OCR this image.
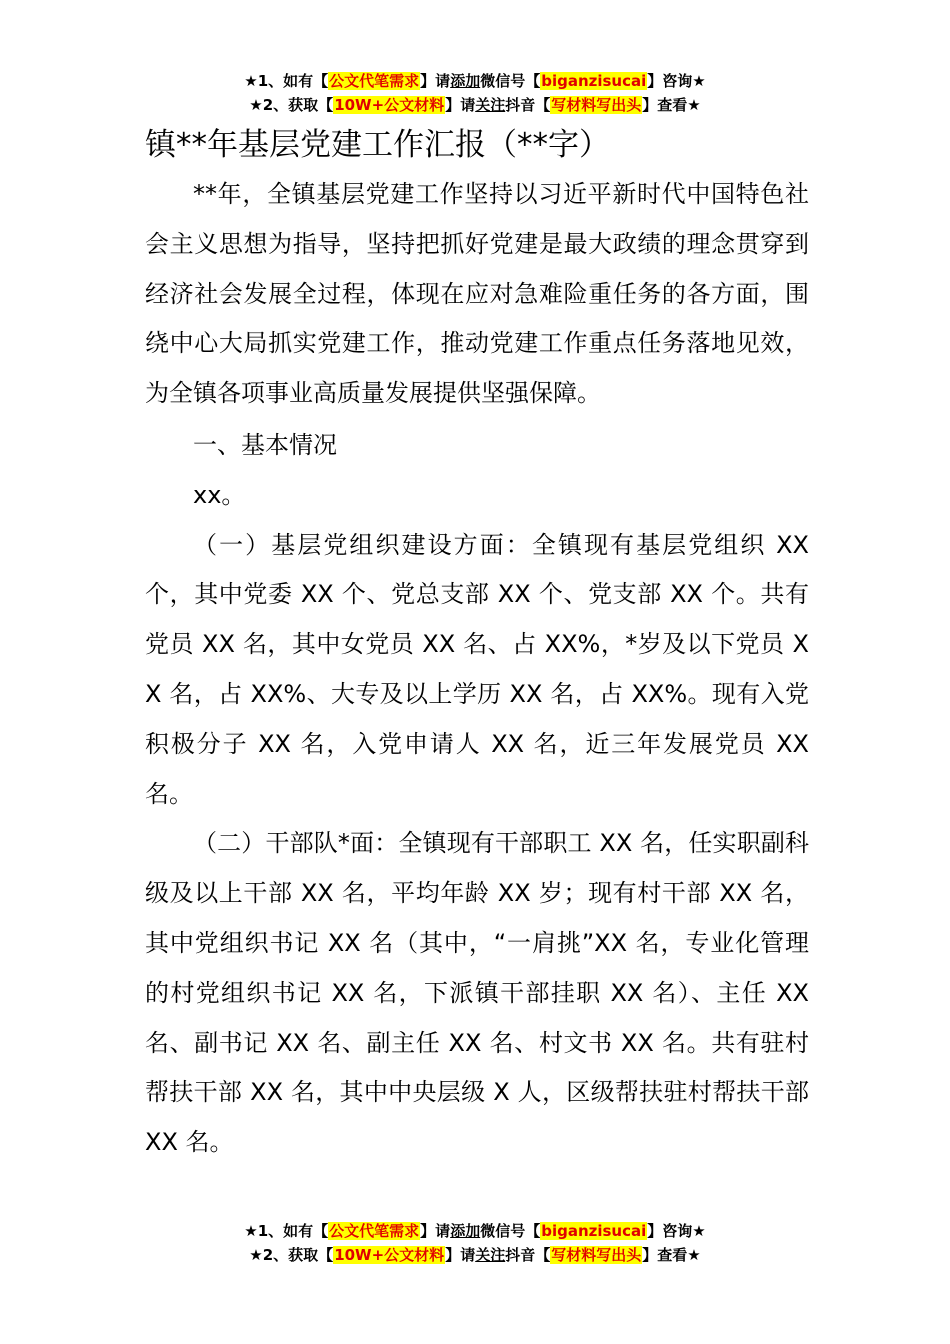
★1、如有【公文代笔需求】请添加微信号【biganzisucai】咨询★
★2、获取【10W+公文材料】请关注抖音【写材料写出头】查看★
镇**年基层党建工作汇报（**字）

**年，全镇基层党建工作坚持以习近平新时代中国特色社会主义思想为指导，坚持把抓好党建是最大政绩的理念贯穿到经济社会发展全过程，体现在应对急难险重任务的各方面，围绕中心大局抓实党建工作，推动党建工作重点任务落地见效，为全镇各项事业高质量发展提供坚强保障。

一、基本情况

xx。

（一）基层党组织建设方面：全镇现有基层党组织 XX 个，其中党委 XX 个、党总支部 XX 个、党支部 XX 个。共有党员 XX 名，其中女党员 XX 名、占 XX%，*岁及以下党员 XX 名，占 XX%、大专及以上学历 XX 名，占 XX%。现有入党积极分子 XX 名，入党申请人 XX 名，近三年发展党员 XX 名。

（二）干部队*面：全镇现有干部职工 XX 名，任实职副科级及以上干部 XX 名，平均年龄 XX 岁；现有村干部 XX 名，其中党组织书记 XX 名（其中，“一肩挑”XX 名，专业化管理的村党组织书记 XX 名，下派镇干部挂职 XX 名）、主任 XX 名、副书记 XX 名、副主任 XX 名、村文书 XX 名。共有驻村帮扶干部 XX 名，其中中央层级 X 人，区级帮扶驻村帮扶干部 XX 名。

★1、如有【公文代笔需求】请添加微信号【biganzisucai】咨询★
★2、获取【10W+公文材料】请关注抖音【写材料写出头】查看★
